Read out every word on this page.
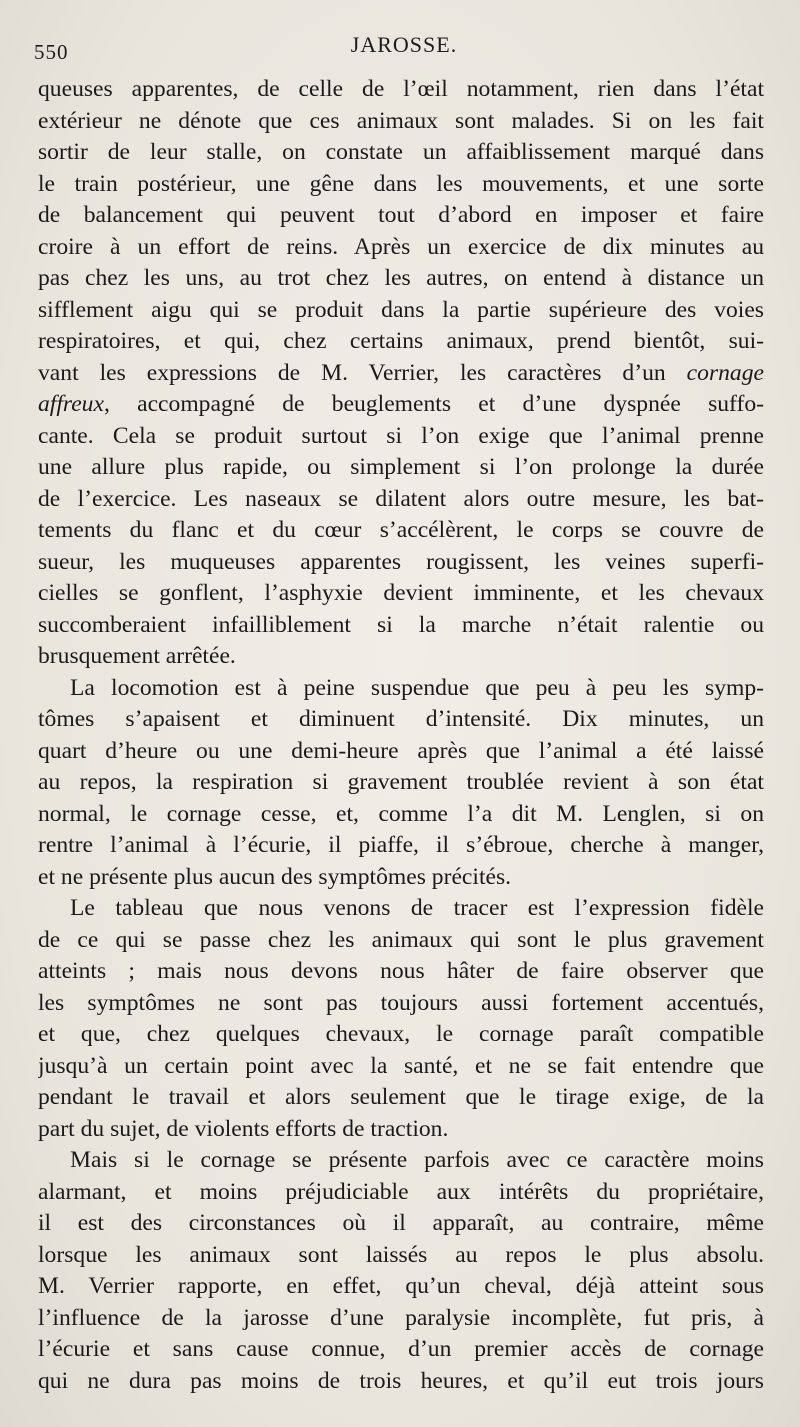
550	JAROSSE.
queuses apparentes, de celle de l’œil notamment, rien dans l’état
extérieur ne dénote que ces animaux sont malades. Si on les fait
sortir de leur stalle, on constate un affaiblissement marqué dans
le train postérieur, une gêne dans les mouvements, et une sorte
de balancement qui peuvent tout d’abord en imposer et faire
croire à un effort de reins. Après un exercice de dix minutes au
pas chez les uns, au trot chez les autres, on entend à distance un
sifflement aigu qui se produit dans la partie supérieure des voies
respiratoires, et qui, chez certains animaux, prend bientôt, sui-
vant les expressions de M. Verrier, les caractères d’un cornage
affreux, accompagné de beuglements et d’une dyspnée suffo-
cante. Cela se produit surtout si l’on exige que l’animal prenne
une allure plus rapide, ou simplement si l’on prolonge la durée
de l’exercice. Les naseaux se dilatent alors outre mesure, les bat-
tements du flanc et du cœur s’accélèrent, le corps se couvre de
sueur, les muqueuses apparentes rougissent, les veines superfi-
cielles se gonflent, l’asphyxie devient imminente, et les chevaux
succomberaient infailliblement si la marche n’était ralentie ou
brusquement arrêtée.
La locomotion est à peine suspendue que peu à peu les symp-
tômes s’apaisent et diminuent d’intensité. Dix minutes, un
quart d’heure ou une demi-heure après que l’animal a été laissé
au repos, la respiration si gravement troublée revient à son état
normal, le cornage cesse, et, comme l’a dit M. Lenglen, si on
rentre l’animal à l’écurie, il piaffe, il s’ébroue, cherche à manger,
et ne présente plus aucun des symptômes précités.
Le tableau que nous venons de tracer est l’expression fidèle
de ce qui se passe chez les animaux qui sont le plus gravement
atteints ; mais nous devons nous hâter de faire observer que
les symptômes ne sont pas toujours aussi fortement accentués,
et que, chez quelques chevaux, le cornage paraît compatible
jusqu’à un certain point avec la santé, et ne se fait entendre que
pendant le travail et alors seulement que le tirage exige, de la
part du sujet, de violents efforts de traction.
Mais si le cornage se présente parfois avec ce caractère moins
alarmant, et moins préjudiciable aux intérêts du propriétaire,
il est des circonstances où il apparaît, au contraire, même
lorsque les animaux sont laissés au repos le plus absolu.
M. Verrier rapporte, en effet, qu’un cheval, déjà atteint sous
l’influence de la jarosse d’une paralysie incomplète, fut pris, à
l’écurie et sans cause connue, d’un premier accès de cornage
qui ne dura pas moins de trois heures, et qu’il eut trois jours
